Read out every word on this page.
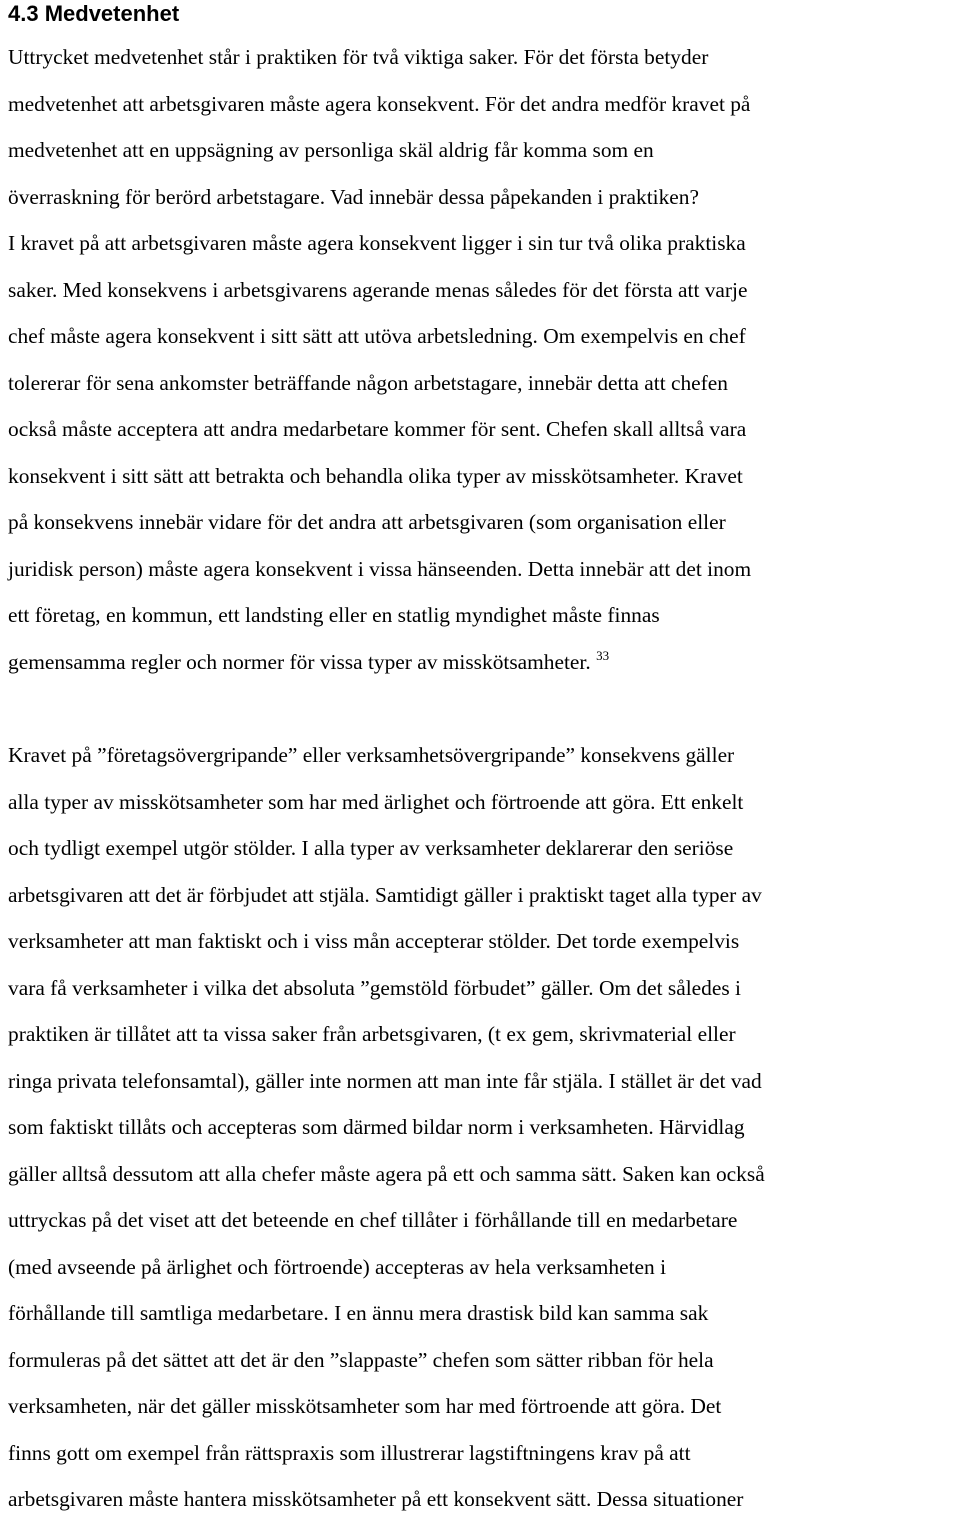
4.3 Medvetenhet
Uttrycket medvetenhet står i praktiken för två viktiga saker. För det första betyder
medvetenhet att arbetsgivaren måste agera konsekvent. För det andra medför kravet på
medvetenhet att en uppsägning av personliga skäl aldrig får komma som en
överraskning för berörd arbetstagare. Vad innebär dessa påpekanden i praktiken?
I kravet på att arbetsgivaren måste agera konsekvent ligger i sin tur två olika praktiska
saker. Med konsekvens i arbetsgivarens agerande menas således för det första att varje
chef måste agera konsekvent i sitt sätt att utöva arbetsledning. Om exempelvis en chef
tolererar för sena ankomster beträffande någon arbetstagare, innebär detta att chefen
också måste acceptera att andra medarbetare kommer för sent. Chefen skall alltså vara
konsekvent i sitt sätt att betrakta och behandla olika typer av misskötsamheter. Kravet
på konsekvens innebär vidare för det andra att arbetsgivaren (som organisation eller
juridisk person) måste agera konsekvent i vissa hänseenden. Detta innebär att det inom
ett företag, en kommun, ett landsting eller en statlig myndighet måste finnas
gemensamma regler och normer för vissa typer av misskötsamheter. $^{33}$
Kravet på ”företagsövergripande” eller verksamhetsövergripande” konsekvens gäller
alla typer av misskötsamheter som har med ärlighet och förtroende att göra. Ett enkelt
och tydligt exempel utgör stölder. I alla typer av verksamheter deklarerar den seriöse
arbetsgivaren att det är förbjudet att stjäla. Samtidigt gäller i praktiskt taget alla typer av
verksamheter att man faktiskt och i viss mån accepterar stölder. Det torde exempelvis
vara få verksamheter i vilka det absoluta ”gemstöld förbudet” gäller. Om det således i
praktiken är tillåtet att ta vissa saker från arbetsgivaren, (t ex gem, skrivmaterial eller
ringa privata telefonsamtal), gäller inte normen att man inte får stjäla. I stället är det vad
som faktiskt tillåts och accepteras som därmed bildar norm i verksamheten. Härvidlag
gäller alltså dessutom att alla chefer måste agera på ett och samma sätt. Saken kan också
uttryckas på det viset att det beteende en chef tillåter i förhållande till en medarbetare
(med avseende på ärlighet och förtroende) accepteras av hela verksamheten i
förhållande till samtliga medarbetare. I en ännu mera drastisk bild kan samma sak
formuleras på det sättet att det är den ”slappaste” chefen som sätter ribban för hela
verksamheten, när det gäller misskötsamheter som har med förtroende att göra. Det
finns gott om exempel från rättspraxis som illustrerar lagstiftningens krav på att
arbetsgivaren måste hantera misskötsamheter på ett konsekvent sätt. Dessa situationer
